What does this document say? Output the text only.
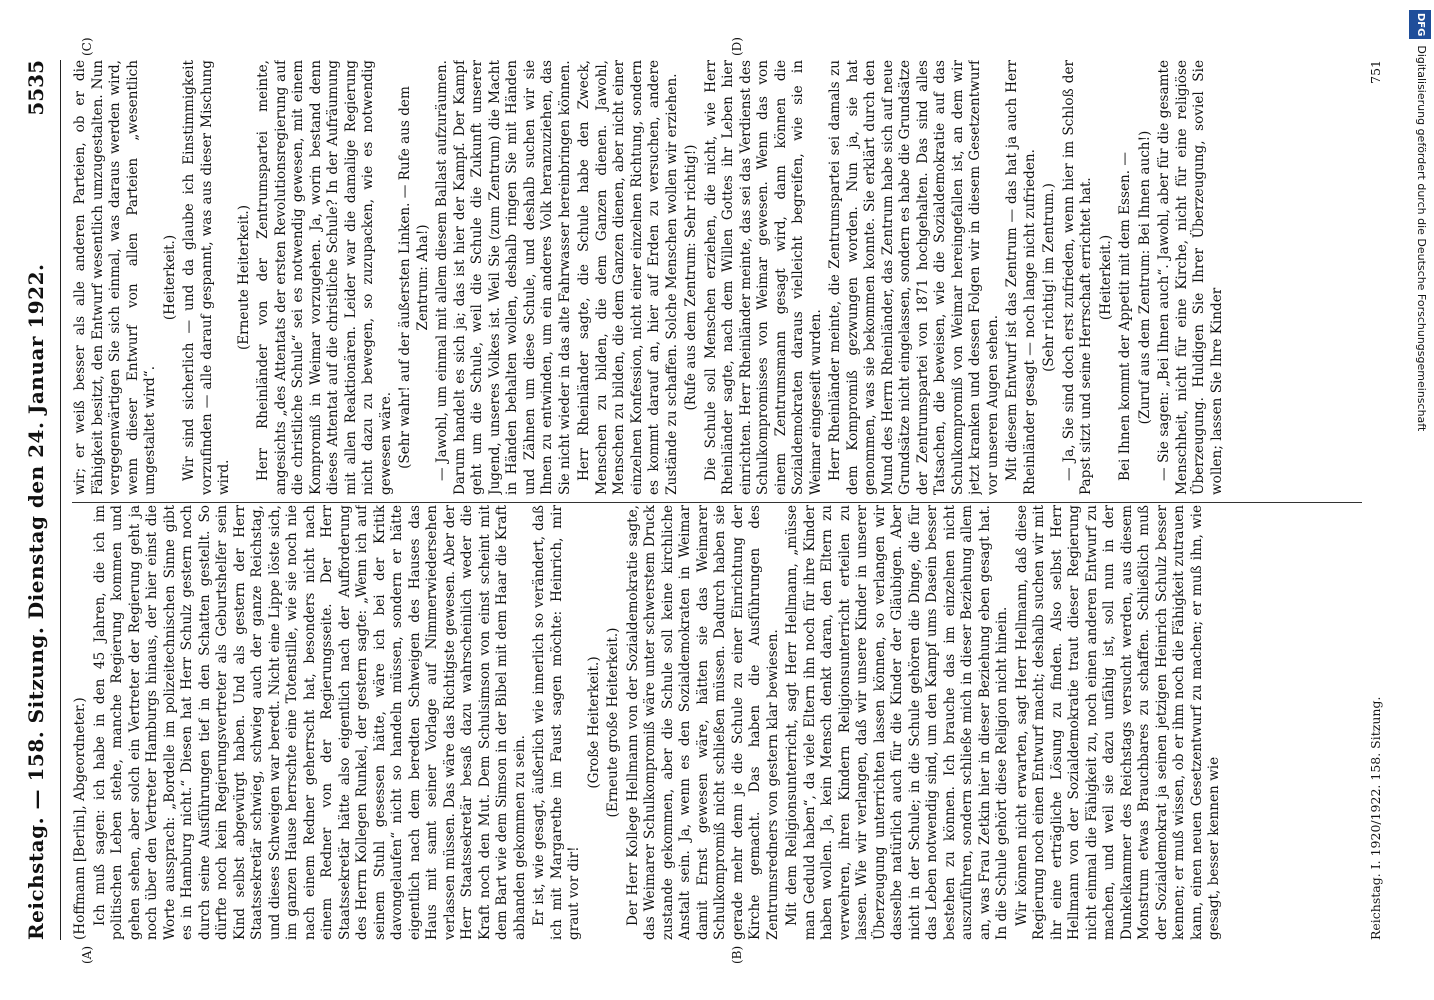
Reichstag. — 158. Sitzung. Dienstag den 24. Januar 1922.
5535
(A)	(B)
(C)	(D)

(Hoffmann [Berlin], Abgeordneter.) Ich muß sagen: ich habe in den 45 Jahren, die ich im politischen Leben stehe, manche Regierung kommen und gehen sehen, aber solch ein Vertreter der Regierung geht ja noch über den Vertreter Hamburgs hinaus, der hier einst die Worte aussprach: „Bordelle im polizeitechnischen Sinne gibt es in Hamburg nicht.“ Diesen hat Herr Schulz gestern noch durch seine Ausführungen tief in den Schatten gestellt. So dürfte noch kein Regierungsvertreter als Geburtshelfer sein Kind selbst abgewürgt haben. Und als gestern der Herr Staatssekretär schwieg, schwieg auch der ganze Reichstag, und dieses Schweigen war beredt. Nicht eine Lippe löste sich, im ganzen Hause herrschte eine Totenstille, wie sie noch nie nach einem Redner geherrscht hat, besonders nicht nach einem Redner von der Regierungsseite. Der Herr Staatssekretär hätte also eigentlich nach der Aufforderung des Herrn Kollegen Runkel, der gestern sagte: „Wenn ich auf seinem Stuhl gesessen hätte, wäre ich bei der Kritik davongelaufen“ nicht so handeln müssen, sondern er hätte eigentlich nach dem beredten Schweigen des Hauses das Haus mit samt seiner Vorlage auf Nimmerwiedersehen verlassen müssen. Das wäre das Richtigste gewesen. Aber der Herr Staatssekretär besaß dazu wahrscheinlich weder die Kraft noch den Mut. Dem Schulsimson von einst scheint mit dem Bart wie dem Simson in der Bibel mit dem Haar die Kraft abhanden gekommen zu sein. Er ist, wie gesagt, äußerlich wie innerlich so verändert, daß ich mit Margarethe im Faust sagen möchte: Heinrich, mir graut vor dir!

(Große Heiterkeit.) (Erneute große Heiterkeit.) Der Herr Kollege Hellmann von der Sozialdemokratie sagte, das Weimarer Schulkompromiß wäre unter schwerstem Druck zustande gekommen, aber die Schule soll keine kirchliche Anstalt sein. Ja, wenn es den Sozialdemokraten in Weimar damit Ernst gewesen wäre, hätten sie das Weimarer Schulkompromiß nicht schließen müssen. Dadurch haben sie gerade mehr denn je die Schule zu einer Einrichtung der Kirche gemacht. Das haben die Ausführungen des Zentrumsredners von gestern klar bewiesen. Mit dem Religionsunterricht, sagt Herr Hellmann, „müsse man Geduld haben“, da viele Eltern ihn noch für ihre Kinder haben wollen. Ja, kein Mensch denkt daran, den Eltern zu verwehren, ihren Kindern Religionsunterricht erteilen zu lassen. Wie wir verlangen, daß wir unsere Kinder in unserer Überzeugung unterrichten lassen können, so verlangen wir dasselbe natürlich auch für die Kinder der Gläubigen. Aber nicht in der Schule; in die Schule gehören die Dinge, die für das Leben notwendig sind, um den Kampf ums Dasein besser bestehen zu können. Ich brauche das im einzelnen nicht auszuführen, sondern schließe mich in dieser Beziehung allem an, was Frau Zetkin hier in dieser Beziehung eben gesagt hat. In die Schule gehört diese Religion nicht hinein. Wir können nicht erwarten, sagt Herr Hellmann, daß diese Regierung noch einen Entwurf macht; deshalb suchen wir mit ihr eine erträgliche Lösung zu finden. Also selbst Herr Hellmann von der Sozialdemokratie traut dieser Regierung nicht einmal die Fähigkeit zu, noch einen anderen Entwurf zu machen, und weil sie dazu unfähig ist, soll nun in der Dunkelkammer des Reichstags versucht werden, aus diesem Monstrum etwas Brauchbares zu schaffen. Schließlich muß der Sozialdemokrat ja seinen jetzigen Heinrich Schulz besser kennen; er muß wissen, ob er ihm noch die Fähigkeit zutrauen kann, einen neuen Gesetzentwurf zu machen; er muß ihn, wie gesagt, besser kennen wie

wir; er weiß besser als alle anderen Parteien, ob er die Fähigkeit besitzt, den Entwurf wesentlich umzugestalten. Nun vergegenwärtigen Sie sich einmal, was daraus werden wird, wenn dieser Entwurf von allen Parteien „wesentlich umgestaltet wird“.

(Heiterkeit.) Wir sind sicherlich — und da glaube ich Einstimmigkeit vorzufinden — alle darauf gespannt, was aus dieser Mischung wird.

(Erneute Heiterkeit.) Herr Rheinländer von der Zentrumspartei meinte, angesichts „des Attentats der ersten Revolutionsregierung auf die christliche Schule“ sei es notwendig gewesen, mit einem Kompromiß in Weimar vorzugehen. Ja, worin bestand denn dieses Attentat auf die christliche Schule? In der Aufräumung mit allen Reaktionären. Leider war die damalige Regierung nicht dazu zu bewegen, so zuzupacken, wie es notwendig gewesen wäre. (Sehr wahr! auf der äußersten Linken. — Rufe aus dem Zentrum: Aha!) — Jawohl, um einmal mit allem diesem Ballast aufzuräumen. Darum handelt es sich ja; das ist hier der Kampf. Der Kampf geht um die Schule, weil die Schule die Zukunft unserer Jugend, unseres Volkes ist. Weil Sie (zum Zentrum) die Macht in Händen behalten wollen, deshalb ringen Sie mit Händen und Zähnen um diese Schule, und deshalb suchen wir sie Ihnen zu entwinden, um ein anderes Volk heranzuziehen, das Sie nicht wieder in das alte Fahrwasser hereinbringen können. Herr Rheinländer sagte, die Schule habe den Zweck, Menschen zu bilden, die dem Ganzen dienen. Jawohl, Menschen zu bilden, die dem Ganzen dienen, aber nicht einer einzelnen Konfession, nicht einer einzelnen Richtung, sondern es kommt darauf an, hier auf Erden zu versuchen, andere Zustände zu schaffen. Solche Menschen wollen wir erziehen. (Rufe aus dem Zentrum: Sehr richtig!) Die Schule soll Menschen erziehen, die nicht, wie Herr Rheinländer sagte, nach dem Willen Gottes ihr Leben hier einrichten. Herr Rheinländer meinte, das sei das Verdienst des Schulkompromisses von Weimar gewesen. Wenn das von einem Zentrumsmann gesagt wird, dann können die Sozialdemokraten daraus vielleicht begreifen, wie sie in Weimar eingeseift wurden. Herr Rheinländer meinte, die Zentrumspartei sei damals zu dem Kompromiß gezwungen worden. Nun ja, sie hat genommen, was sie bekommen konnte. Sie erklärt durch den Mund des Herrn Rheinländer, das Zentrum habe sich auf neue Grundsätze nicht eingelassen, sondern es habe die Grundsätze der Zentrumspartei von 1871 hochgehalten. Das sind alles Tatsachen, die beweisen, wie die Sozialdemokratie auf das Schulkompromiß von Weimar hereingefallen ist, an dem wir jetzt kranken und dessen Folgen wir in diesem Gesetzentwurf vor unseren Augen sehen. Mit diesem Entwurf ist das Zentrum — das hat ja auch Herr Rheinländer gesagt — noch lange nicht zufrieden. (Sehr richtig! im Zentrum.) — Ja, Sie sind doch erst zufrieden, wenn hier im Schloß der Papst sitzt und seine Herrschaft errichtet hat. (Heiterkeit.) Bei Ihnen kommt der Appetit mit dem Essen. — (Zuruf aus dem Zentrum: Bei Ihnen auch!) — Sie sagen: „Bei Ihnen auch“. Jawohl, aber für die gesamte Menschheit, nicht für eine Kirche, nicht für eine religiöse Überzeugung. Huldigen Sie Ihrer Überzeugung, soviel Sie wollen; lassen Sie Ihre Kinder

Reichstag. I. 1920/1922. 158. Sitzung.
751
DFGDigitalisierung gefördert durch die Deutsche Forschungsgemeinschaft
